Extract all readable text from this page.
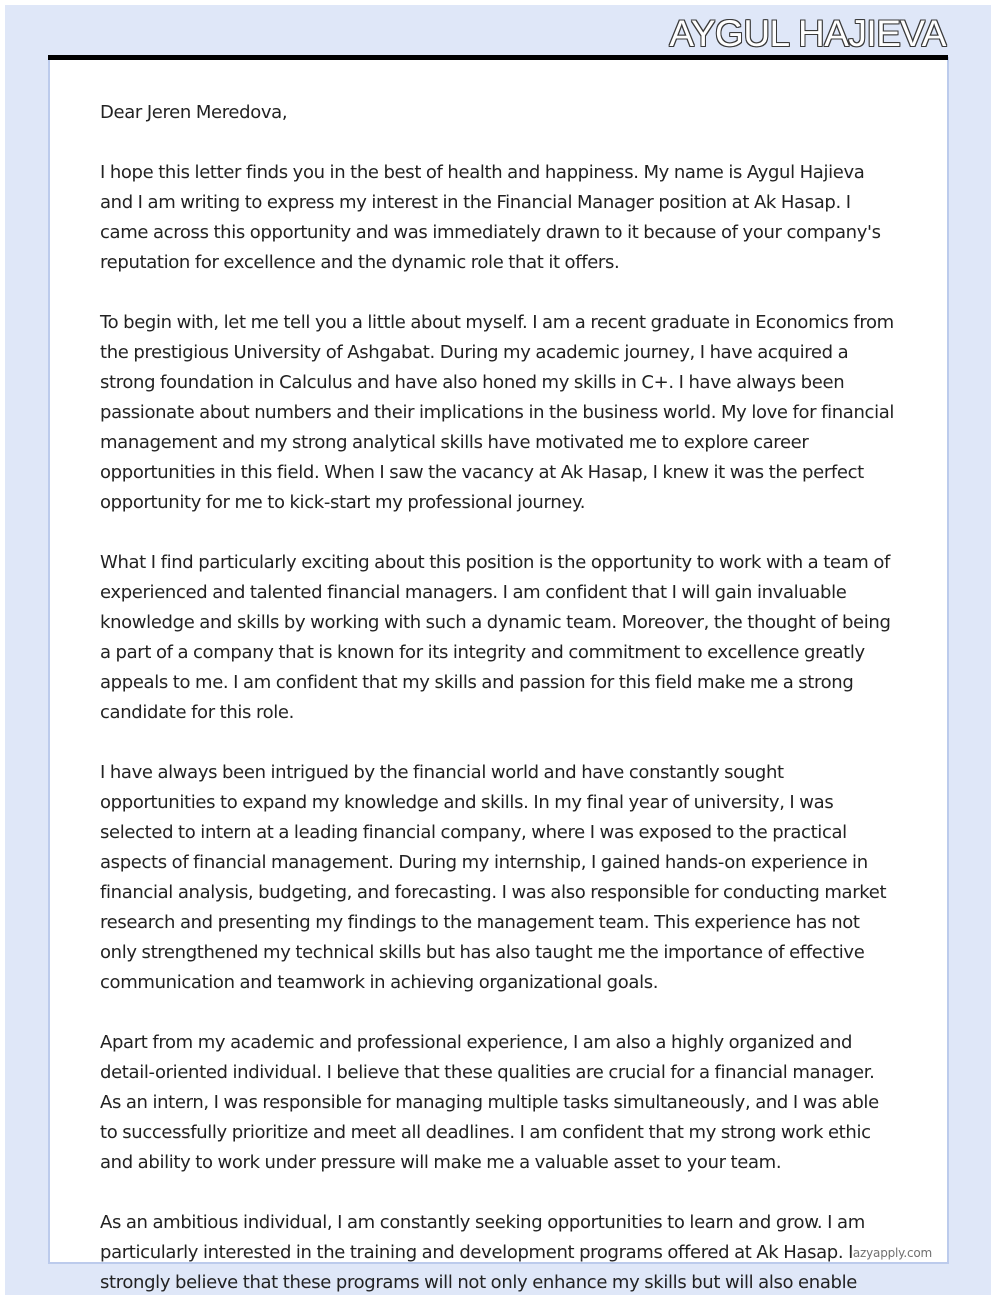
AYGUL HAJIEVA

Dear Jeren Meredova,

I hope this letter finds you in the best of health and happiness. My name is Aygul Hajieva and I am writing to express my interest in the Financial Manager position at Ak Hasap. I came across this opportunity and was immediately drawn to it because of your company's reputation for excellence and the dynamic role that it offers.

To begin with, let me tell you a little about myself. I am a recent graduate in Economics from the prestigious University of Ashgabat. During my academic journey, I have acquired a strong foundation in Calculus and have also honed my skills in C+. I have always been passionate about numbers and their implications in the business world. My love for financial management and my strong analytical skills have motivated me to explore career opportunities in this field. When I saw the vacancy at Ak Hasap, I knew it was the perfect opportunity for me to kick-start my professional journey.

What I find particularly exciting about this position is the opportunity to work with a team of experienced and talented financial managers. I am confident that I will gain invaluable knowledge and skills by working with such a dynamic team. Moreover, the thought of being a part of a company that is known for its integrity and commitment to excellence greatly appeals to me. I am confident that my skills and passion for this field make me a strong candidate for this role.

I have always been intrigued by the financial world and have constantly sought opportunities to expand my knowledge and skills. In my final year of university, I was selected to intern at a leading financial company, where I was exposed to the practical aspects of financial management. During my internship, I gained hands-on experience in financial analysis, budgeting, and forecasting. I was also responsible for conducting market research and presenting my findings to the management team. This experience has not only strengthened my technical skills but has also taught me the importance of effective communication and teamwork in achieving organizational goals.

Apart from my academic and professional experience, I am also a highly organized and detail-oriented individual. I believe that these qualities are crucial for a financial manager. As an intern, I was responsible for managing multiple tasks simultaneously, and I was able to successfully prioritize and meet all deadlines. I am confident that my strong work ethic and ability to work under pressure will make me a valuable asset to your team.

As an ambitious individual, I am constantly seeking opportunities to learn and grow. I am particularly interested in the training and development programs offered at Ak Hasap. I strongly believe that these programs will not only enhance my skills but will also enable

lazyapply.com
